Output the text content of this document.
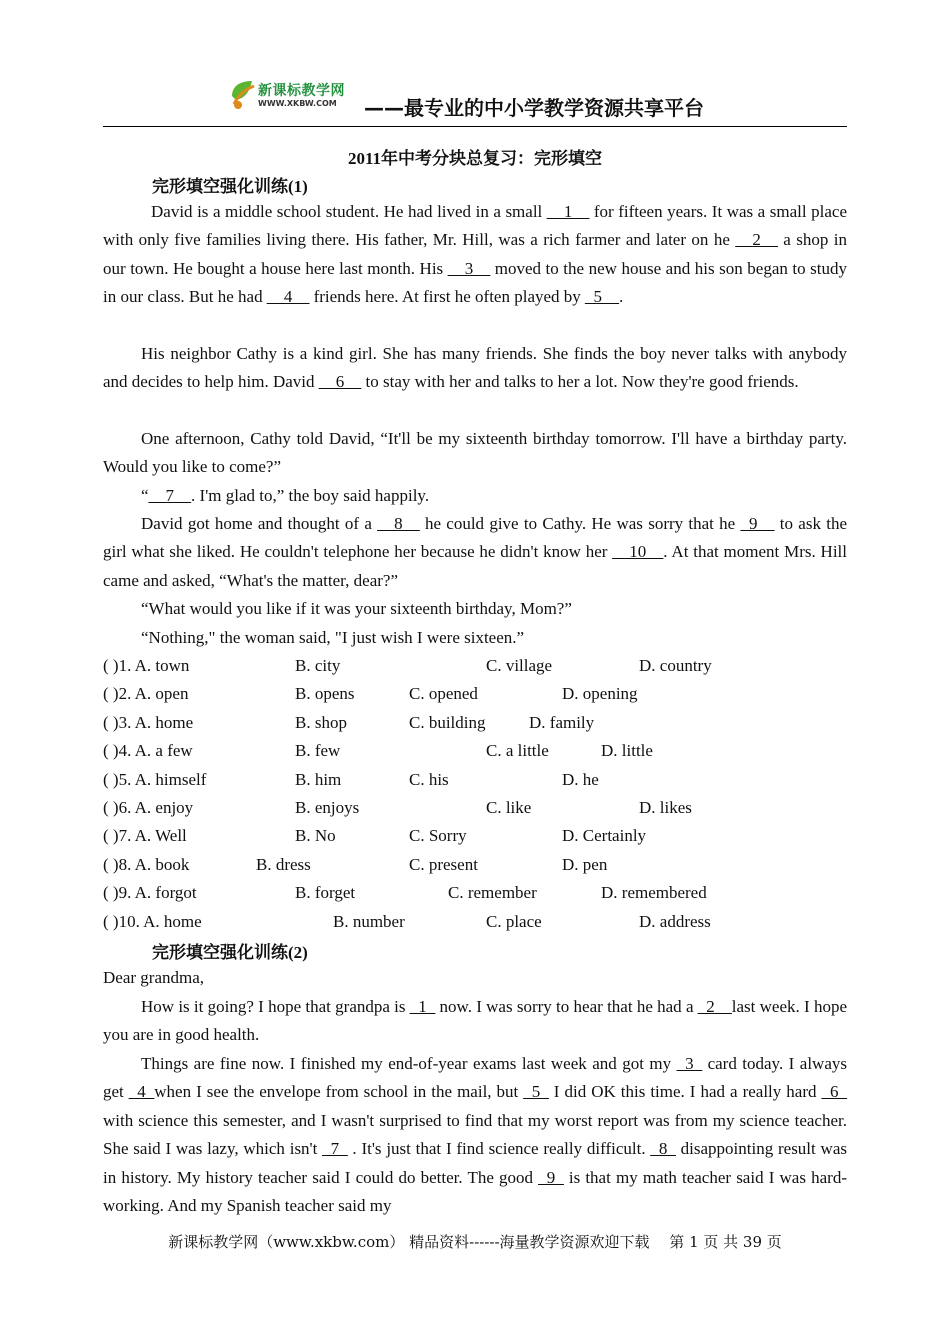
新课标教学网
WWW.XKBW.COM ——最专业的中小学教学资源共享平台
2011年中考分块总复习：完形填空
完形填空强化训练(1)

David is a middle school student. He had lived in a small __1__ for fifteen years. It was a small place with only five families living there. His father, Mr. Hill, was a rich farmer and later on he __2__ a shop in our town. He bought a house here last month. His __3__ moved to the new house and his son began to study in our class. But he had __4__ friends here. At first he often played by _5__.

His neighbor Cathy is a kind girl. She has many friends. She finds the boy never talks with anybody and decides to help him. David __6__ to stay with her and talks to her a lot. Now they're good friends.

One afternoon, Cathy told David, “It'll be my sixteenth birthday tomorrow. I'll have a birthday party. Would you like to come?”

“__7__. I'm glad to,” the boy said happily.

David got home and thought of a __8__ he could give to Cathy. He was sorry that he _9__ to ask the girl what she liked. He couldn't telephone her because he didn't know her __10__. At that moment Mrs. Hill came and asked, “What's the matter, dear?”

“What would you like if it was your sixteenth birthday, Mom?”

“Nothing," the woman said, "I just wish I were sixteen.”

( )1. A. town	B. city	C. village	D. country
( )2. A. open	B. opens	C. opened	D. opening
( )3. A. home	B. shop	C. building	D. family
( )4. A. a few	B. few	C. a little	D. little
( )5. A. himself	B. him	C. his	D. he
( )6. A. enjoy	B. enjoys	C. like	D. likes
( )7. A. Well	B. No	C. Sorry	D. Certainly
( )8. A. book	B. dress	C. present	D. pen
( )9. A. forgot	B. forget	C. remember	D. remembered
( )10. A. home	B. number	C. place	D. address
完形填空强化训练(2)

Dear grandma,

How is it going? I hope that grandpa is _1_ now. I was sorry to hear that he had a _2__last week. I hope you are in good health.

Things are fine now. I finished my end-of-year exams last week and got my _3_ card today. I always get _4_when I see the envelope from school in the mail, but _5_ I did OK this time. I had a really hard _6_ with science this semester, and I wasn't surprised to find that my worst report was from my science teacher. She said I was lazy, which isn't _7_ . It's just that I find science really difficult. _8_ disappointing result was in history. My history teacher said I could do better. The good _9_ is that my math teacher said I was hard-working. And my Spanish teacher said my

新课标教学网（www.xkbw.com） 精品资料------海量教学资源欢迎下载　 第 1 页 共 39 页
